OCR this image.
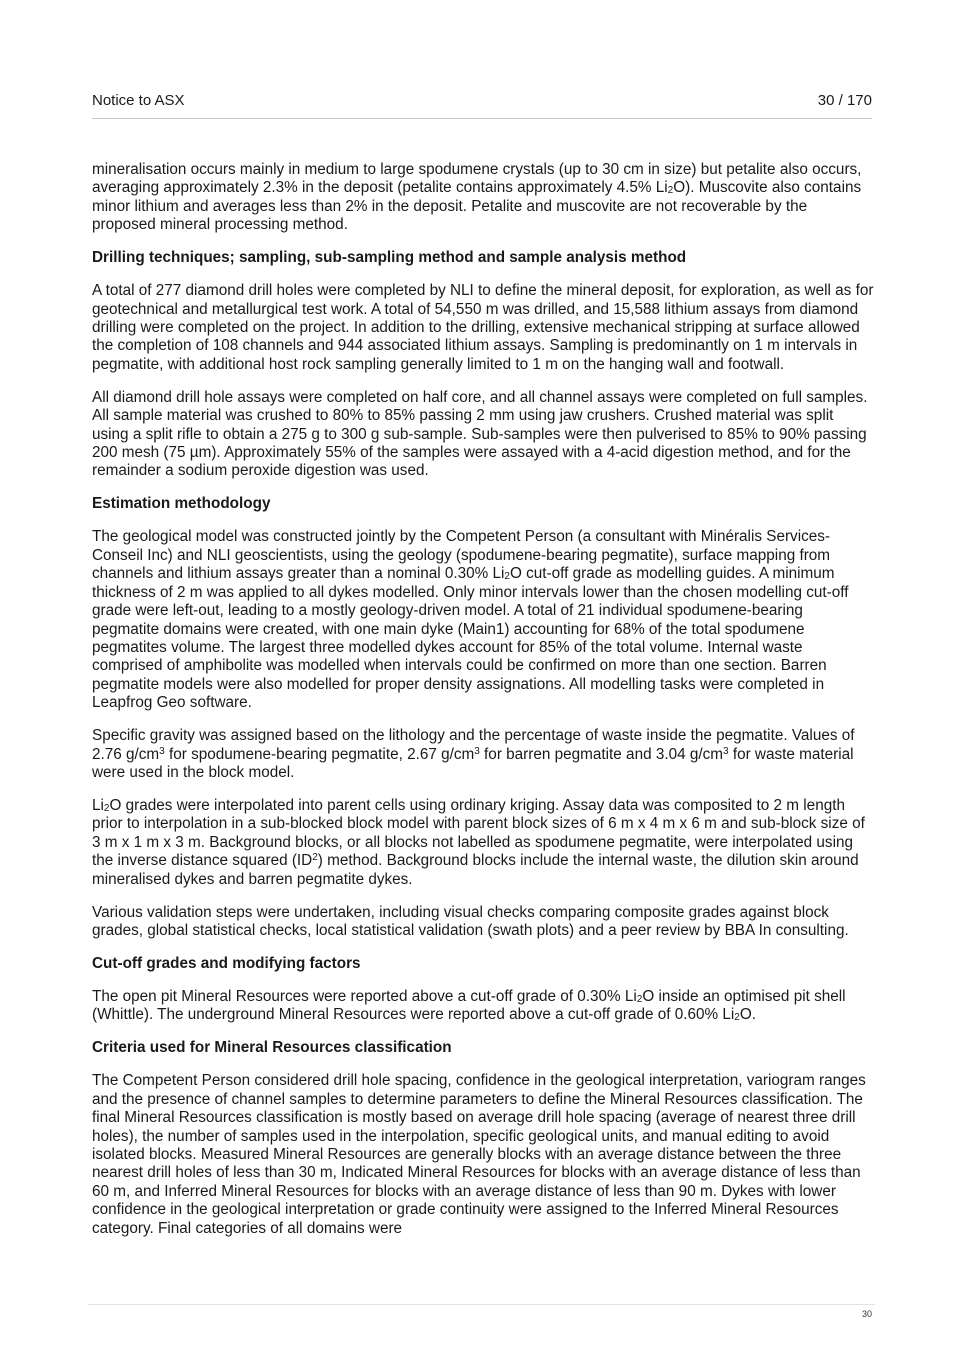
Notice to ASX	30 / 170

mineralisation occurs mainly in medium to large spodumene crystals (up to 30 cm in size) but petalite also occurs, averaging approximately 2.3% in the deposit (petalite contains approximately 4.5% $Li_2O$). Muscovite also contains minor lithium and averages less than 2% in the deposit. Petalite and muscovite are not recoverable by the proposed mineral processing method.

Drilling techniques; sampling, sub-sampling method and sample analysis method

A total of 277 diamond drill holes were completed by NLI to define the mineral deposit, for exploration, as well as for geotechnical and metallurgical test work. A total of 54,550 m was drilled, and 15,588 lithium assays from diamond drilling were completed on the project. In addition to the drilling, extensive mechanical stripping at surface allowed the completion of 108 channels and 944 associated lithium assays. Sampling is predominantly on 1 m intervals in pegmatite, with additional host rock sampling generally limited to 1 m on the hanging wall and footwall.

All diamond drill hole assays were completed on half core, and all channel assays were completed on full samples. All sample material was crushed to 80% to 85% passing 2 mm using jaw crushers. Crushed material was split using a split rifle to obtain a 275 g to 300 g sub-sample. Sub-samples were then pulverised to 85% to 90% passing 200 mesh (75 µm). Approximately 55% of the samples were assayed with a 4-acid digestion method, and for the remainder a sodium peroxide digestion was used.

Estimation methodology

The geological model was constructed jointly by the Competent Person (a consultant with Minéralis Services-Conseil Inc) and NLI geoscientists, using the geology (spodumene-bearing pegmatite), surface mapping from channels and lithium assays greater than a nominal 0.30% $Li_2O$ cut-off grade as modelling guides. A minimum thickness of 2 m was applied to all dykes modelled. Only minor intervals lower than the chosen modelling cut-off grade were left-out, leading to a mostly geology-driven model. A total of 21 individual spodumene-bearing pegmatite domains were created, with one main dyke (Main1) accounting for 68% of the total spodumene pegmatites volume. The largest three modelled dykes account for 85% of the total volume. Internal waste comprised of amphibolite was modelled when intervals could be confirmed on more than one section. Barren pegmatite models were also modelled for proper density assignations. All modelling tasks were completed in Leapfrog Geo software.

Specific gravity was assigned based on the lithology and the percentage of waste inside the pegmatite. Values of 2.76 $g/cm^3$ for spodumene-bearing pegmatite, 2.67 $g/cm^3$ for barren pegmatite and 3.04 $g/cm^3$ for waste material were used in the block model.

$Li_2O$ grades were interpolated into parent cells using ordinary kriging. Assay data was composited to 2 m length prior to interpolation in a sub-blocked block model with parent block sizes of 6 m x 4 m x 6 m and sub-block size of 3 m x 1 m x 3 m. Background blocks, or all blocks not labelled as spodumene pegmatite, were interpolated using the inverse distance squared $(ID^2)$ method. Background blocks include the internal waste, the dilution skin around mineralised dykes and barren pegmatite dykes.

Various validation steps were undertaken, including visual checks comparing composite grades against block grades, global statistical checks, local statistical validation (swath plots) and a peer review by BBA In consulting.

Cut-off grades and modifying factors

The open pit Mineral Resources were reported above a cut-off grade of 0.30% $Li_2O$ inside an optimised pit shell (Whittle). The underground Mineral Resources were reported above a cut-off grade of 0.60% $Li_2O$.

Criteria used for Mineral Resources classification

The Competent Person considered drill hole spacing, confidence in the geological interpretation, variogram ranges and the presence of channel samples to determine parameters to define the Mineral Resources classification. The final Mineral Resources classification is mostly based on average drill hole spacing (average of nearest three drill holes), the number of samples used in the interpolation, specific geological units, and manual editing to avoid isolated blocks. Measured Mineral Resources are generally blocks with an average distance between the three nearest drill holes of less than 30 m, Indicated Mineral Resources for blocks with an average distance of less than 60 m, and Inferred Mineral Resources for blocks with an average distance of less than 90 m. Dykes with lower confidence in the geological interpretation or grade continuity were assigned to the Inferred Mineral Resources category. Final categories of all domains were

30
